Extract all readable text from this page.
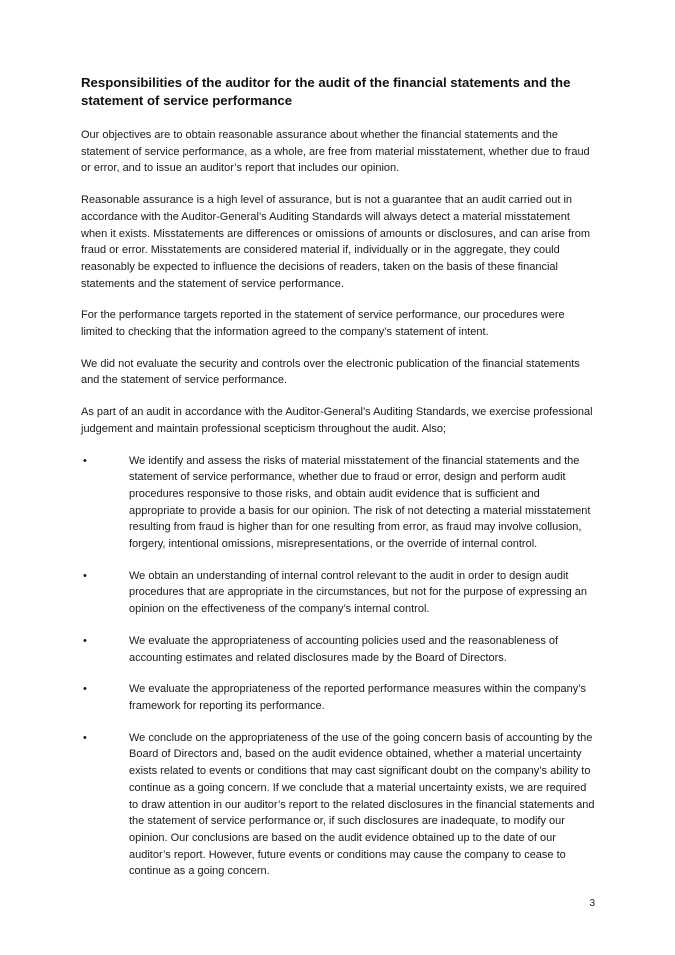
Responsibilities of the auditor for the audit of the financial statements and the statement of service performance

Our objectives are to obtain reasonable assurance about whether the financial statements and the statement of service performance, as a whole, are free from material misstatement, whether due to fraud or error, and to issue an auditor’s report that includes our opinion.

Reasonable assurance is a high level of assurance, but is not a guarantee that an audit carried out in accordance with the Auditor-General’s Auditing Standards will always detect a material misstatement when it exists. Misstatements are differences or omissions of amounts or disclosures, and can arise from fraud or error. Misstatements are considered material if, individually or in the aggregate, they could reasonably be expected to influence the decisions of readers, taken on the basis of these financial statements and the statement of service performance.

For the performance targets reported in the statement of service performance, our procedures were limited to checking that the information agreed to the company’s statement of intent.

We did not evaluate the security and controls over the electronic publication of the financial statements and the statement of service performance.

As part of an audit in accordance with the Auditor-General’s Auditing Standards, we exercise professional judgement and maintain professional scepticism throughout the audit. Also;

•	We identify and assess the risks of material misstatement of the financial statements and the statement of service performance, whether due to fraud or error, design and perform audit procedures responsive to those risks, and obtain audit evidence that is sufficient and appropriate to provide a basis for our opinion. The risk of not detecting a material misstatement resulting from fraud is higher than for one resulting from error, as fraud may involve collusion, forgery, intentional omissions, misrepresentations, or the override of internal control.
•	We obtain an understanding of internal control relevant to the audit in order to design audit procedures that are appropriate in the circumstances, but not for the purpose of expressing an opinion on the effectiveness of the company’s internal control.
•	We evaluate the appropriateness of accounting policies used and the reasonableness of accounting estimates and related disclosures made by the Board of Directors.
•	We evaluate the appropriateness of the reported performance measures within the company’s framework for reporting its performance.
•	We conclude on the appropriateness of the use of the going concern basis of accounting by the Board of Directors and, based on the audit evidence obtained, whether a material uncertainty exists related to events or conditions that may cast significant doubt on the company’s ability to continue as a going concern. If we conclude that a material uncertainty exists, we are required to draw attention in our auditor’s report to the related disclosures in the financial statements and the statement of service performance or, if such disclosures are inadequate, to modify our opinion. Our conclusions are based on the audit evidence obtained up to the date of our auditor’s report. However, future events or conditions may cause the company to cease to continue as a going concern.
3
